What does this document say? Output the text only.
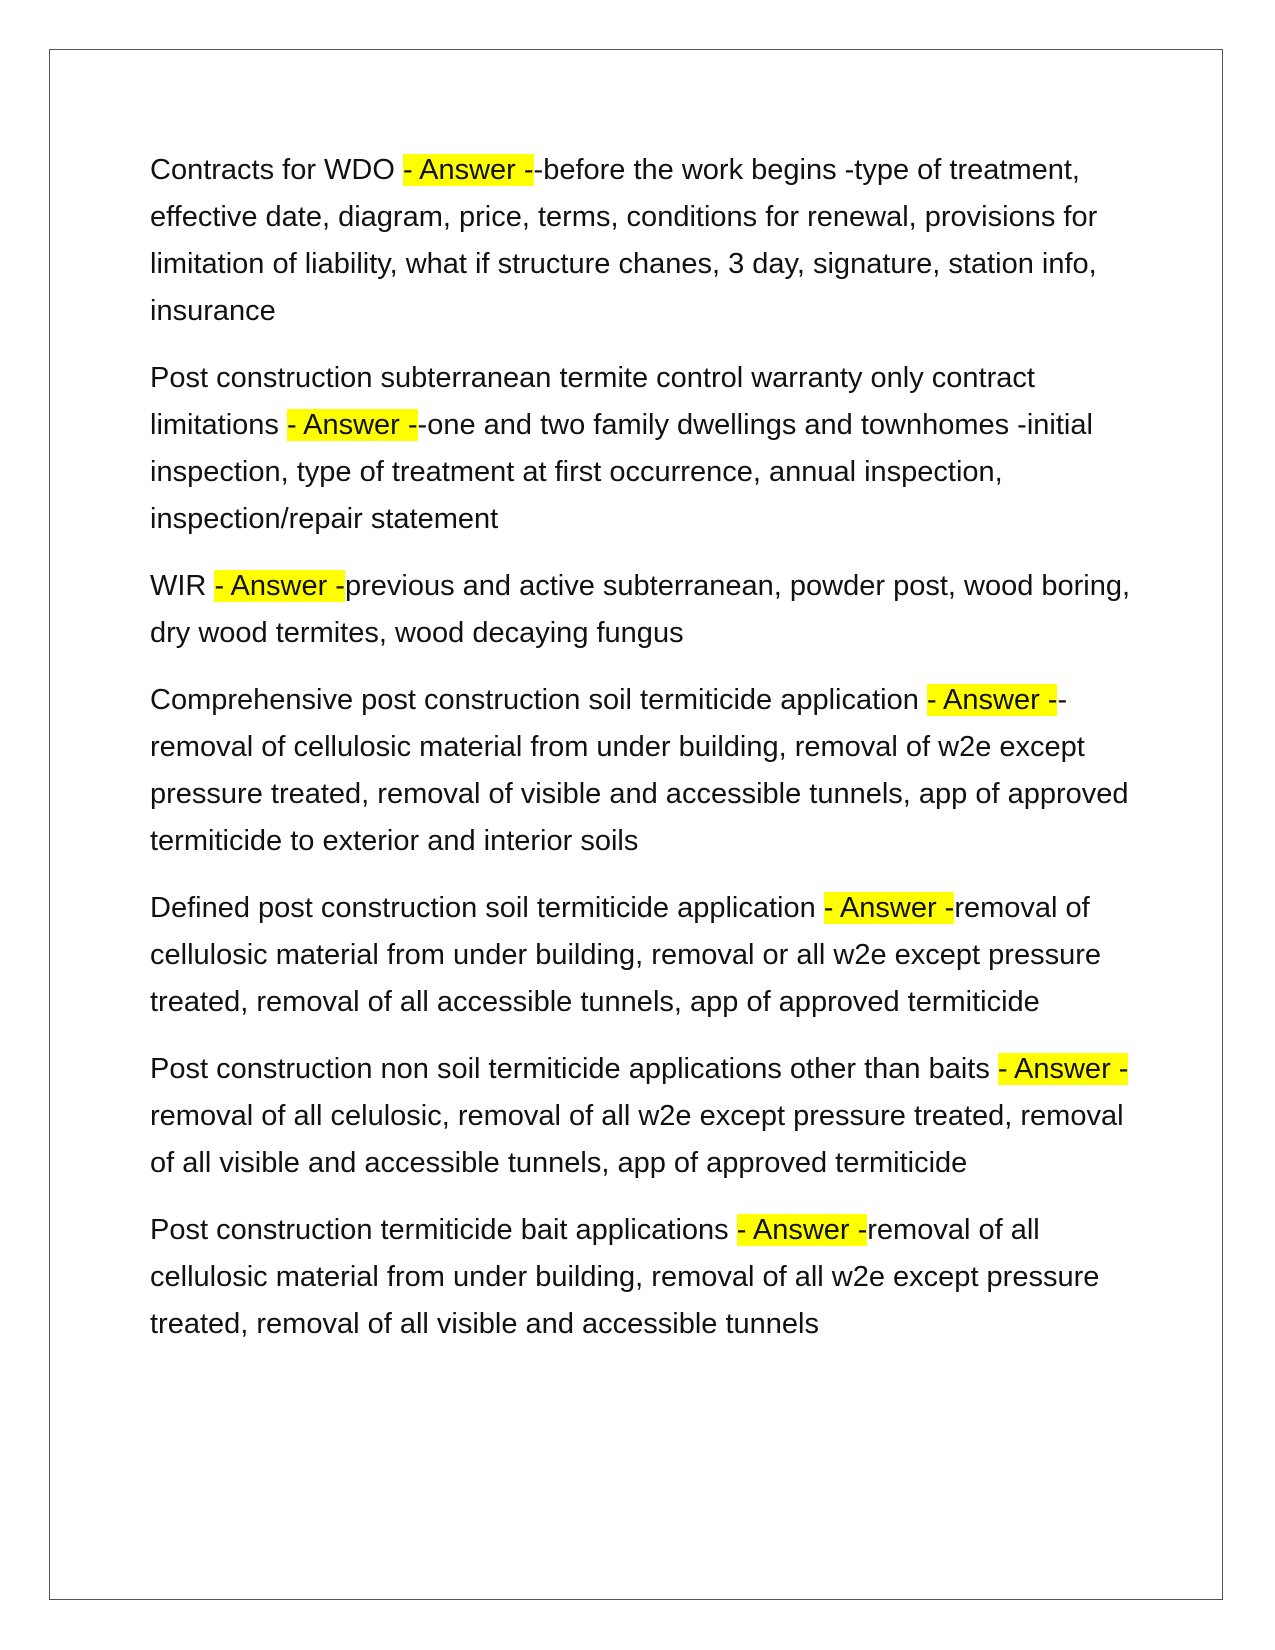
Contracts for WDO - Answer --before the work begins -type of treatment, effective date, diagram, price, terms, conditions for renewal, provisions for limitation of liability, what if structure chanes, 3 day, signature, station info, insurance

Post construction subterranean termite control warranty only contract limitations - Answer --one and two family dwellings and townhomes -initial inspection, type of treatment at first occurrence, annual inspection, inspection/repair statement

WIR - Answer -previous and active subterranean, powder post, wood boring, dry wood termites, wood decaying fungus

Comprehensive post construction soil termiticide application - Answer --removal of cellulosic material from under building, removal of w2e except pressure treated, removal of visible and accessible tunnels, app of approved termiticide to exterior and interior soils

Defined post construction soil termiticide application - Answer -removal of cellulosic material from under building, removal or all w2e except pressure treated, removal of all accessible tunnels, app of approved termiticide

Post construction non soil termiticide applications other than baits - Answer -removal of all celulosic, removal of all w2e except pressure treated, removal of all visible and accessible tunnels, app of approved termiticide

Post construction termiticide bait applications - Answer -removal of all cellulosic material from under building, removal of all w2e except pressure treated, removal of all visible and accessible tunnels
